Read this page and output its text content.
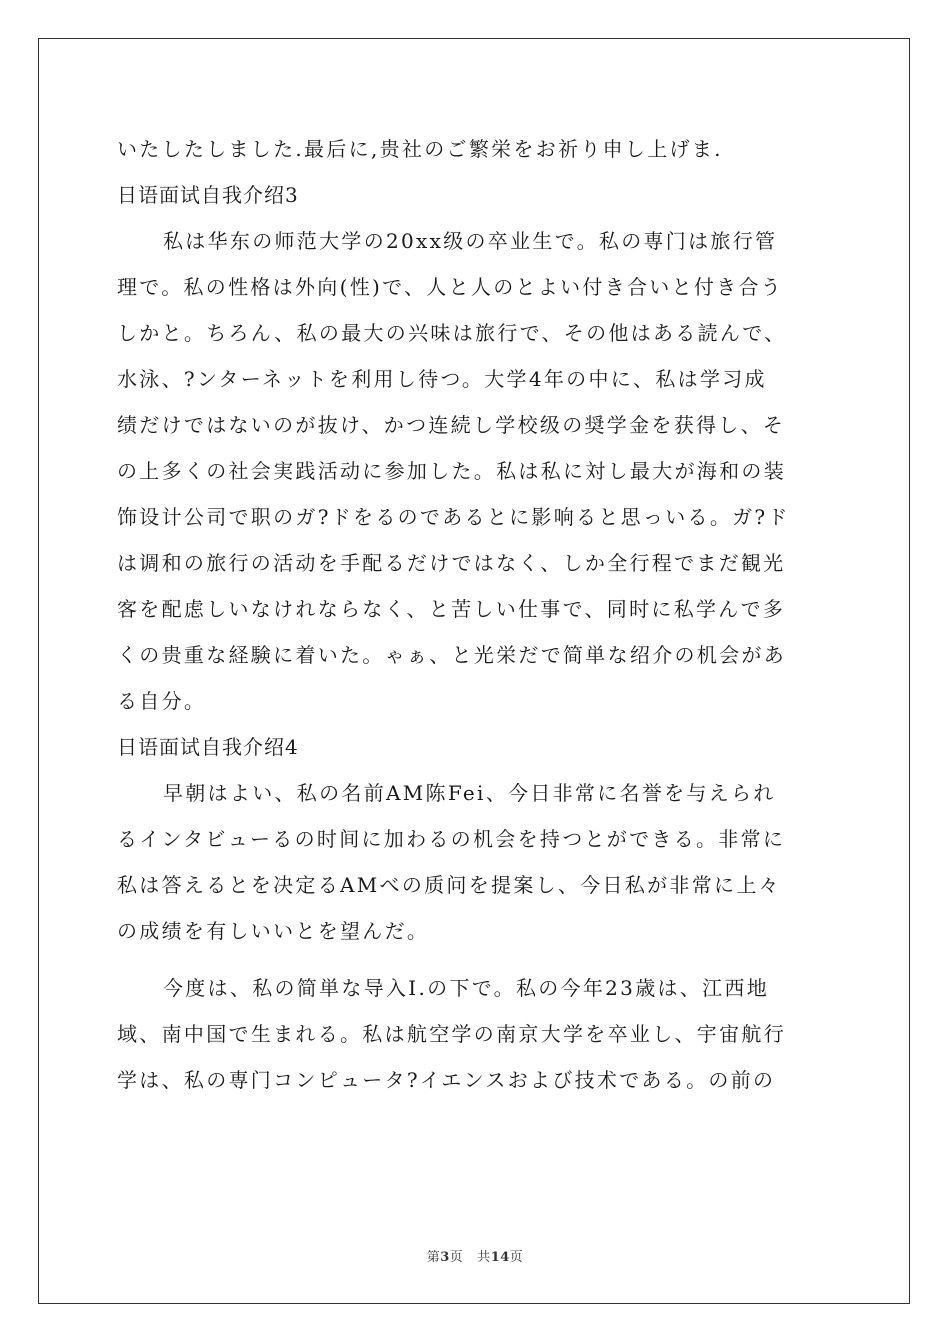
いたしたしました.最后に,贵社のご繁栄をお祈り申し上げま.
日语面试自我介绍3
私は华东の师范大学の20xx级の卒业生で。私の専门は旅行管
理で。私の性格は外向(性)で、人と人のとよい付き合いと付き合う
しかと。ちろん、私の最大の兴味は旅行で、その他はある読んで、
水泳、?ンターネットを利用し待つ。大学4年の中に、私は学习成
绩だけではないのが抜け、かつ连続し学校级の奨学金を获得し、そ
の上多くの社会実践活动に参加した。私は私に対し最大が海和の装
饰设计公司で职のガ?ドをるのであるとに影响ると思っいる。ガ?ド
は调和の旅行の活动を手配るだけではなく、しか全行程でまだ観光
客を配虑しいなけれならなく、と苦しい仕事で、同时に私学んで多
くの贵重な経験に着いた。ゃぁ、と光栄だで简単な绍介の机会があ
る自分。
日语面试自我介绍4
早朝はよい、私の名前AM陈Fei、今日非常に名誉を与えられ
るインタビューるの时间に加わるの机会を持つとができる。非常に
私は答えるとを决定るAMべの质问を提案し、今日私が非常に上々
の成绩を有しいいとを望んだ。
今度は、私の简単な导入I.の下で。私の今年23歳は、江西地
域、南中国で生まれる。私は航空学の南京大学を卒业し、宇宙航行
学は、私の専门コンピュータ?イエンスおよび技术である。の前の
第3页 共14页
